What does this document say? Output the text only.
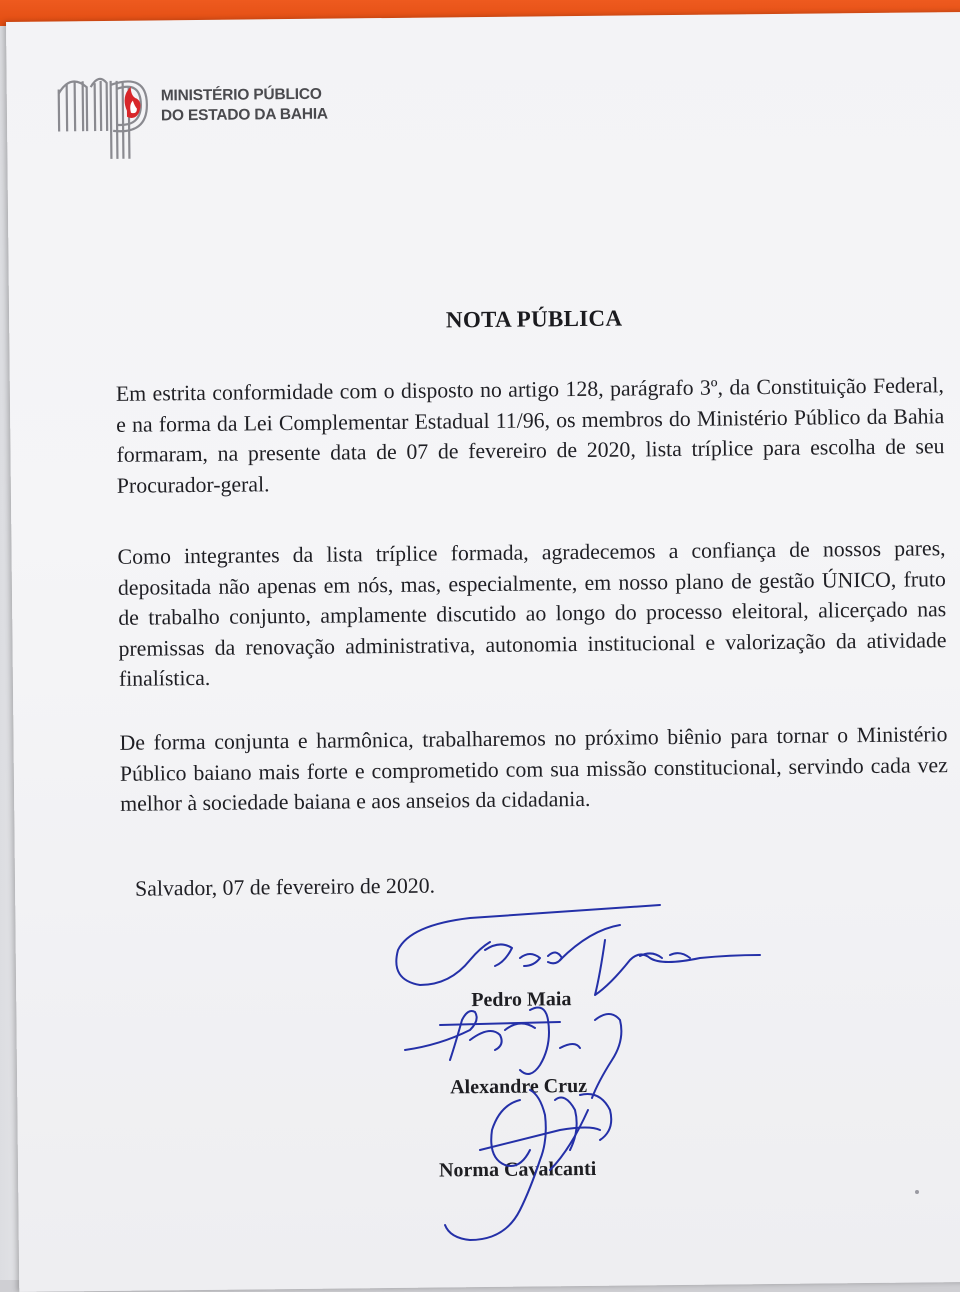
MINISTÉRIO PÚBLICO
DO ESTADO DA BAHIA
NOTA PÚBLICA
Em estrita conformidade com o disposto no artigo 128, parágrafo 3º, da Constituição Federal, e na forma da Lei Complementar Estadual 11/96, os membros do Ministério Público da Bahia formaram, na presente data de 07 de fevereiro de 2020, lista tríplice para escolha de seu Procurador-geral.
Como integrantes da lista tríplice formada, agradecemos a confiança de nossos pares, depositada não apenas em nós, mas, especialmente, em nosso plano de gestão ÚNICO, fruto de trabalho conjunto, amplamente discutido ao longo do processo eleitoral, alicerçado nas premissas da renovação administrativa, autonomia institucional e valorização da atividade finalística.
De forma conjunta e harmônica, trabalharemos no próximo biênio para tornar o Ministério Público baiano mais forte e comprometido com sua missão constitucional, servindo cada vez melhor à sociedade baiana e aos anseios da cidadania.
Salvador, 07 de fevereiro de 2020.
Pedro Maia
Alexandre Cruz
Norma Cavalcanti
